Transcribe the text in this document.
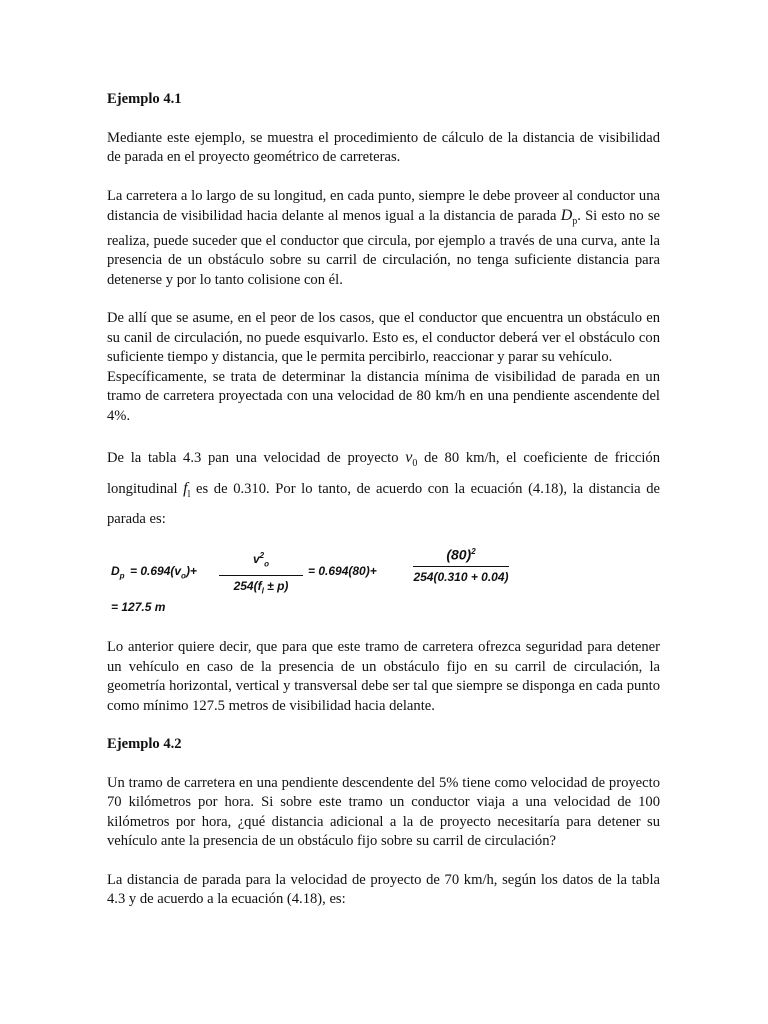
Ejemplo 4.1

Mediante este ejemplo, se muestra el procedimiento de cálculo de la distancia de visibilidad de parada en el proyecto geométrico de carreteras.

La carretera a lo largo de su longitud, en cada punto, siempre le debe proveer al conductor una distancia de visibilidad hacia delante al menos igual a la distancia de parada $D_p$. Si esto no se realiza, puede suceder que el conductor que circula, por ejemplo a través de una curva, ante la presencia de un obstáculo sobre su carril de circulación, no tenga suficiente distancia para detenerse y por lo tanto colisione con él.

De allí que se asume, en el peor de los casos, que el conductor que encuentra un obstáculo en su canil de circulación, no puede esquivarlo. Esto es, el conductor deberá ver el obstáculo con suficiente tiempo y distancia, que le permita percibirlo, reaccionar y parar su vehículo.

Específicamente, se trata de determinar la distancia mínima de visibilidad de parada en un tramo de carretera proyectada con una velocidad de 80 km/h en una pendiente ascendente del 4%.

De la tabla 4.3 pan una velocidad de proyecto $v_0$ de 80 km/h, el coeficiente de fricción longitudinal $f_l$ es de 0.310. Por lo tanto, de acuerdo con la ecuación (4.18), la distancia de parada es:

$D_p = 0.694(v_o)+ \frac{v^2_o}{254(f_l \pm p)} = 0.694(80)+$	$\frac{(80)^2}{254(0.310 + 0.04)}$
= 127.5 m

Lo anterior quiere decir, que para que este tramo de carretera ofrezca seguridad para detener un vehículo en caso de la presencia de un obstáculo fijo en su carril de circulación, la geometría horizontal, vertical y transversal debe ser tal que siempre se disponga en cada punto como mínimo 127.5 metros de visibilidad hacia delante.

Ejemplo 4.2

Un tramo de carretera en una pendiente descendente del 5% tiene como velocidad de proyecto 70 kilómetros por hora. Si sobre este tramo un conductor viaja a una velocidad de 100 kilómetros por hora, ¿qué distancia adicional a la de proyecto necesitaría para detener su vehículo ante la presencia de un obstáculo fijo sobre su carril de circulación?

La distancia de parada para la velocidad de proyecto de 70 km/h, según los datos de la tabla 4.3 y de acuerdo a la ecuación (4.18), es:
